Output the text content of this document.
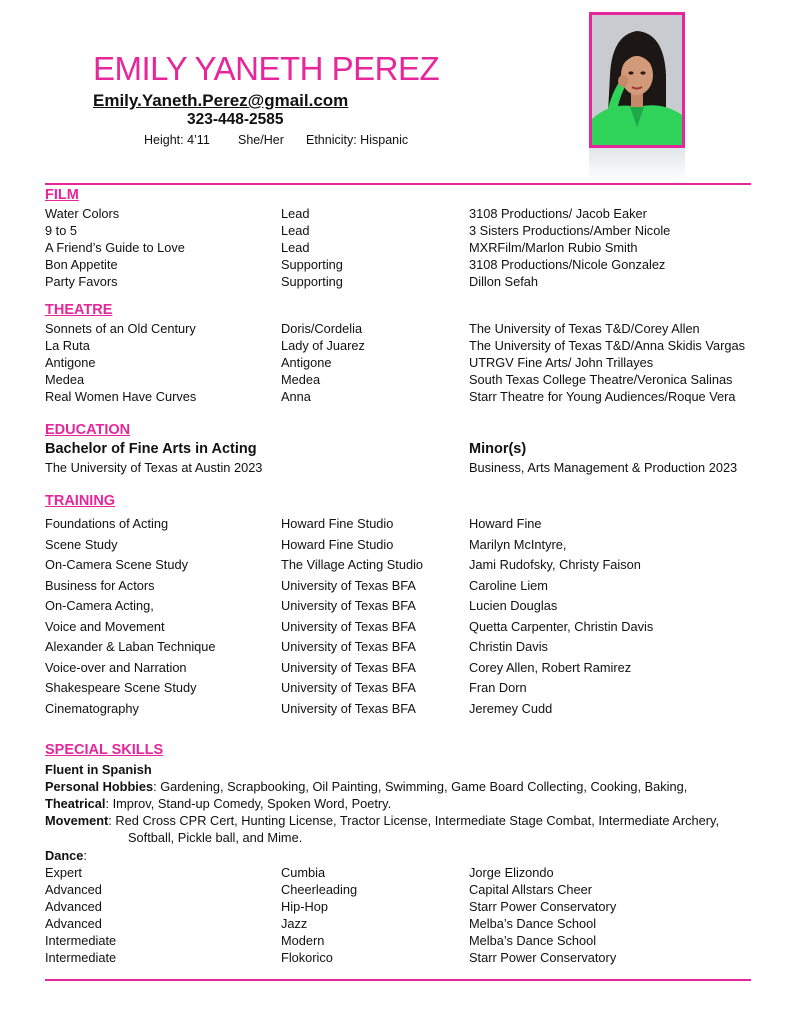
EMILY YANETH PEREZ
Emily.Yaneth.Perez@gmail.com
323-448-2585
Height: 4’11 She/Her Ethnicity: Hispanic
FILM
Water Colors	Lead	3108 Productions/ Jacob Eaker
9 to 5	Lead	3 Sisters Productions/Amber Nicole
A Friend’s Guide to Love	Lead	MXRFilm/Marlon Rubio Smith
Bon Appetite	Supporting	3108 Productions/Nicole Gonzalez
Party Favors	Supporting	Dillon Sefah
THEATRE
Sonnets of an Old Century	Doris/Cordelia	The University of Texas T&D/Corey Allen
La Ruta	Lady of Juarez	The University of Texas T&D/Anna Skidis Vargas
Antigone	Antigone	UTRGV Fine Arts/ John Trillayes
Medea	Medea	South Texas College Theatre/Veronica Salinas
Real Women Have Curves	Anna	Starr Theatre for Young Audiences/Roque Vera
EDUCATION
Bachelor of Fine Arts in Acting	Minor(s)
The University of Texas at Austin 2023	Business, Arts Management & Production 2023
TRAINING
Foundations of Acting	Howard Fine Studio	Howard Fine
Scene Study	Howard Fine Studio	Marilyn McIntyre,
On-Camera Scene Study	The Village Acting Studio	Jami Rudofsky, Christy Faison
Business for Actors	University of Texas BFA	Caroline Liem
On-Camera Acting,	University of Texas BFA	Lucien Douglas
Voice and Movement	University of Texas BFA	Quetta Carpenter, Christin Davis
Alexander & Laban Technique	University of Texas BFA	Christin Davis
Voice-over and Narration	University of Texas BFA	Corey Allen, Robert Ramirez
Shakespeare Scene Study	University of Texas BFA	Fran Dorn
Cinematography	University of Texas BFA	Jeremey Cudd
SPECIAL SKILLS
Fluent in Spanish
Personal Hobbies: Gardening, Scrapbooking, Oil Painting, Swimming, Game Board Collecting, Cooking, Baking,
Theatrical: Improv, Stand-up Comedy, Spoken Word, Poetry.
Movement: Red Cross CPR Cert, Hunting License, Tractor License, Intermediate Stage Combat, Intermediate Archery,
Softball, Pickle ball, and Mime.
Dance:
Expert	Cumbia	Jorge Elizondo
Advanced	Cheerleading	Capital Allstars Cheer
Advanced	Hip-Hop	Starr Power Conservatory
Advanced	Jazz	Melba’s Dance School
Intermediate	Modern	Melba’s Dance School
Intermediate	Flokorico	Starr Power Conservatory
